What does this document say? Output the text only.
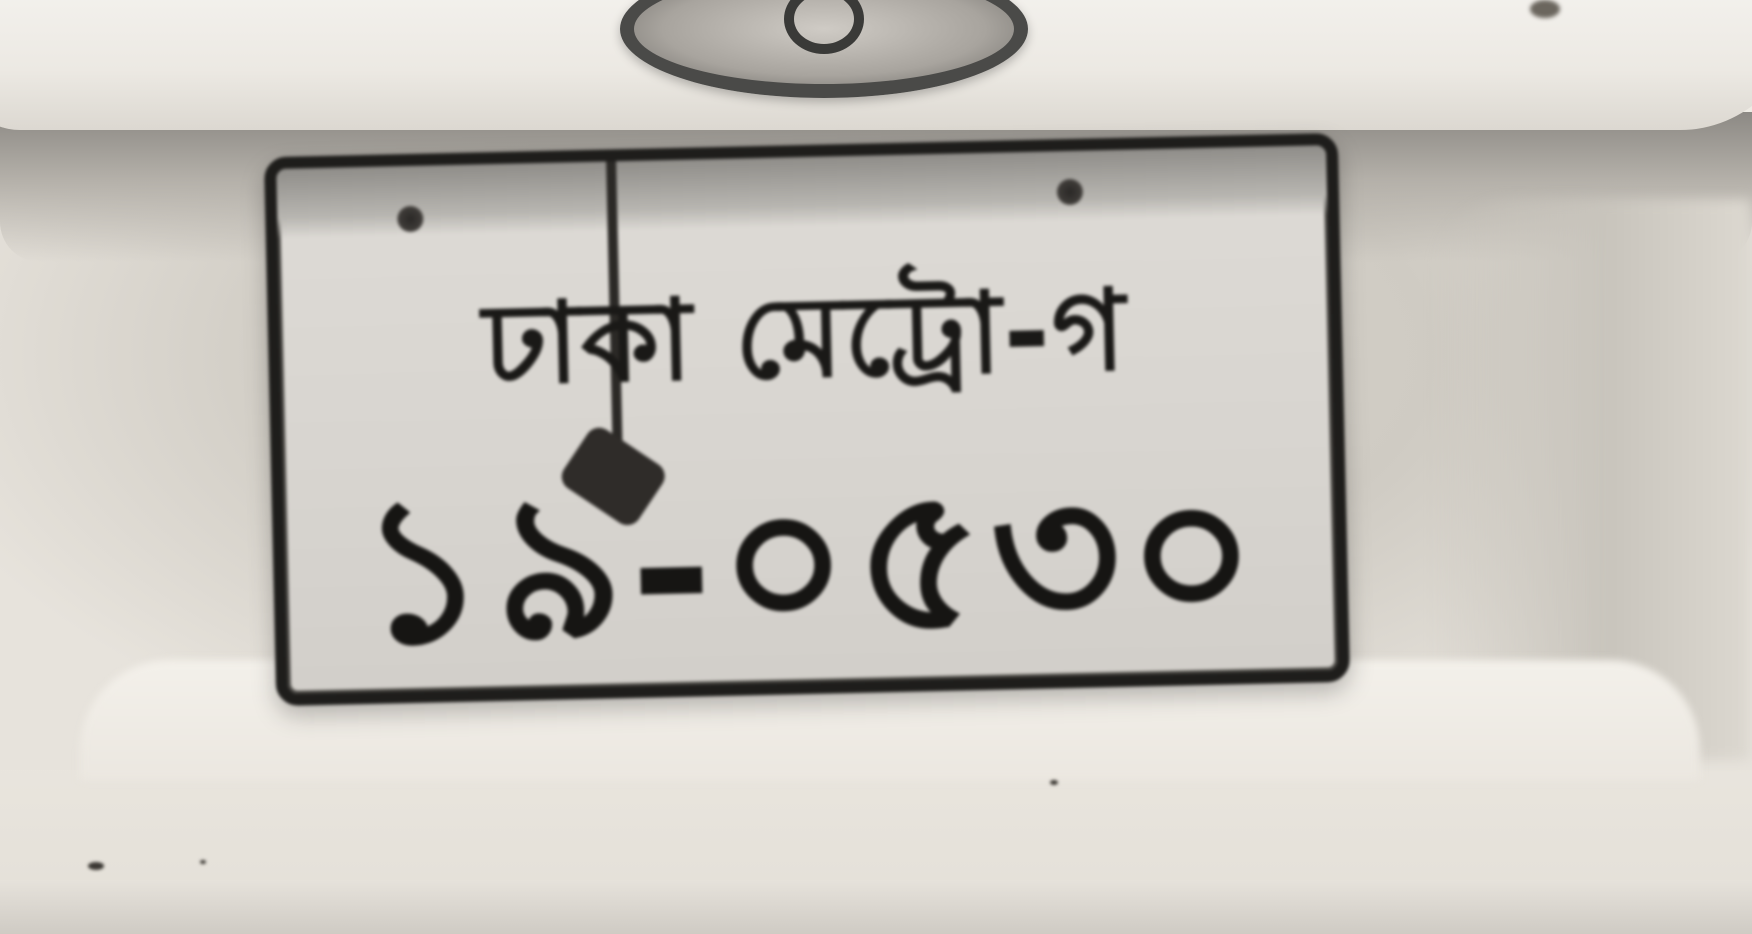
ঢাকা মেট্রো-গ
১৯-০৫৩০
